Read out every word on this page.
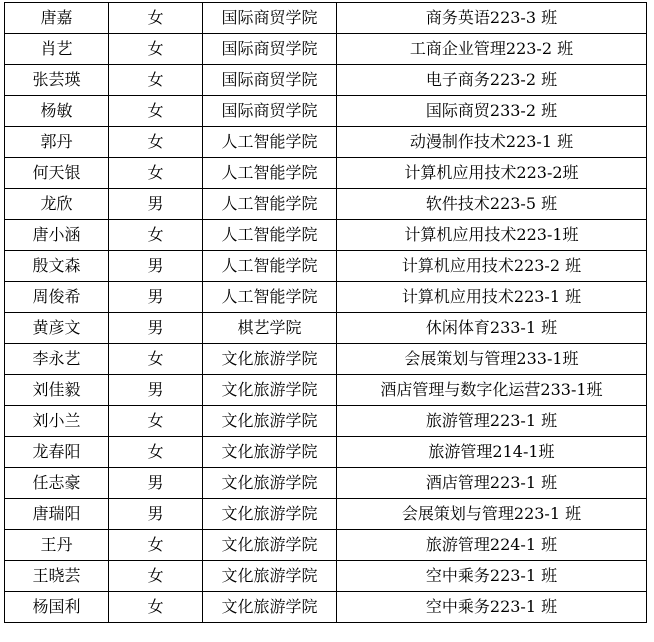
唐嘉	女	国际商贸学院	商务英语223-3 班
肖艺	女	国际商贸学院	工商企业管理223-2 班
张芸瑛	女	国际商贸学院	电子商务223-2 班
杨敏	女	国际商贸学院	国际商贸233-2 班
郭丹	女	人工智能学院	动漫制作技术223-1 班
何天银	女	人工智能学院	计算机应用技术223-2班
龙欣	男	人工智能学院	软件技术223-5 班
唐小涵	女	人工智能学院	计算机应用技术223-1班
殷文森	男	人工智能学院	计算机应用技术223-2 班
周俊希	男	人工智能学院	计算机应用技术223-1 班
黄彦文	男	棋艺学院	休闲体育233-1 班
李永艺	女	文化旅游学院	会展策划与管理233-1班
刘佳毅	男	文化旅游学院	酒店管理与数字化运营233-1班
刘小兰	女	文化旅游学院	旅游管理223-1 班
龙春阳	女	文化旅游学院	旅游管理214-1班
任志豪	男	文化旅游学院	酒店管理223-1 班
唐瑞阳	男	文化旅游学院	会展策划与管理223-1 班
王丹	女	文化旅游学院	旅游管理224-1 班
王晓芸	女	文化旅游学院	空中乘务223-1 班
杨国利	女	文化旅游学院	空中乘务223-1 班
